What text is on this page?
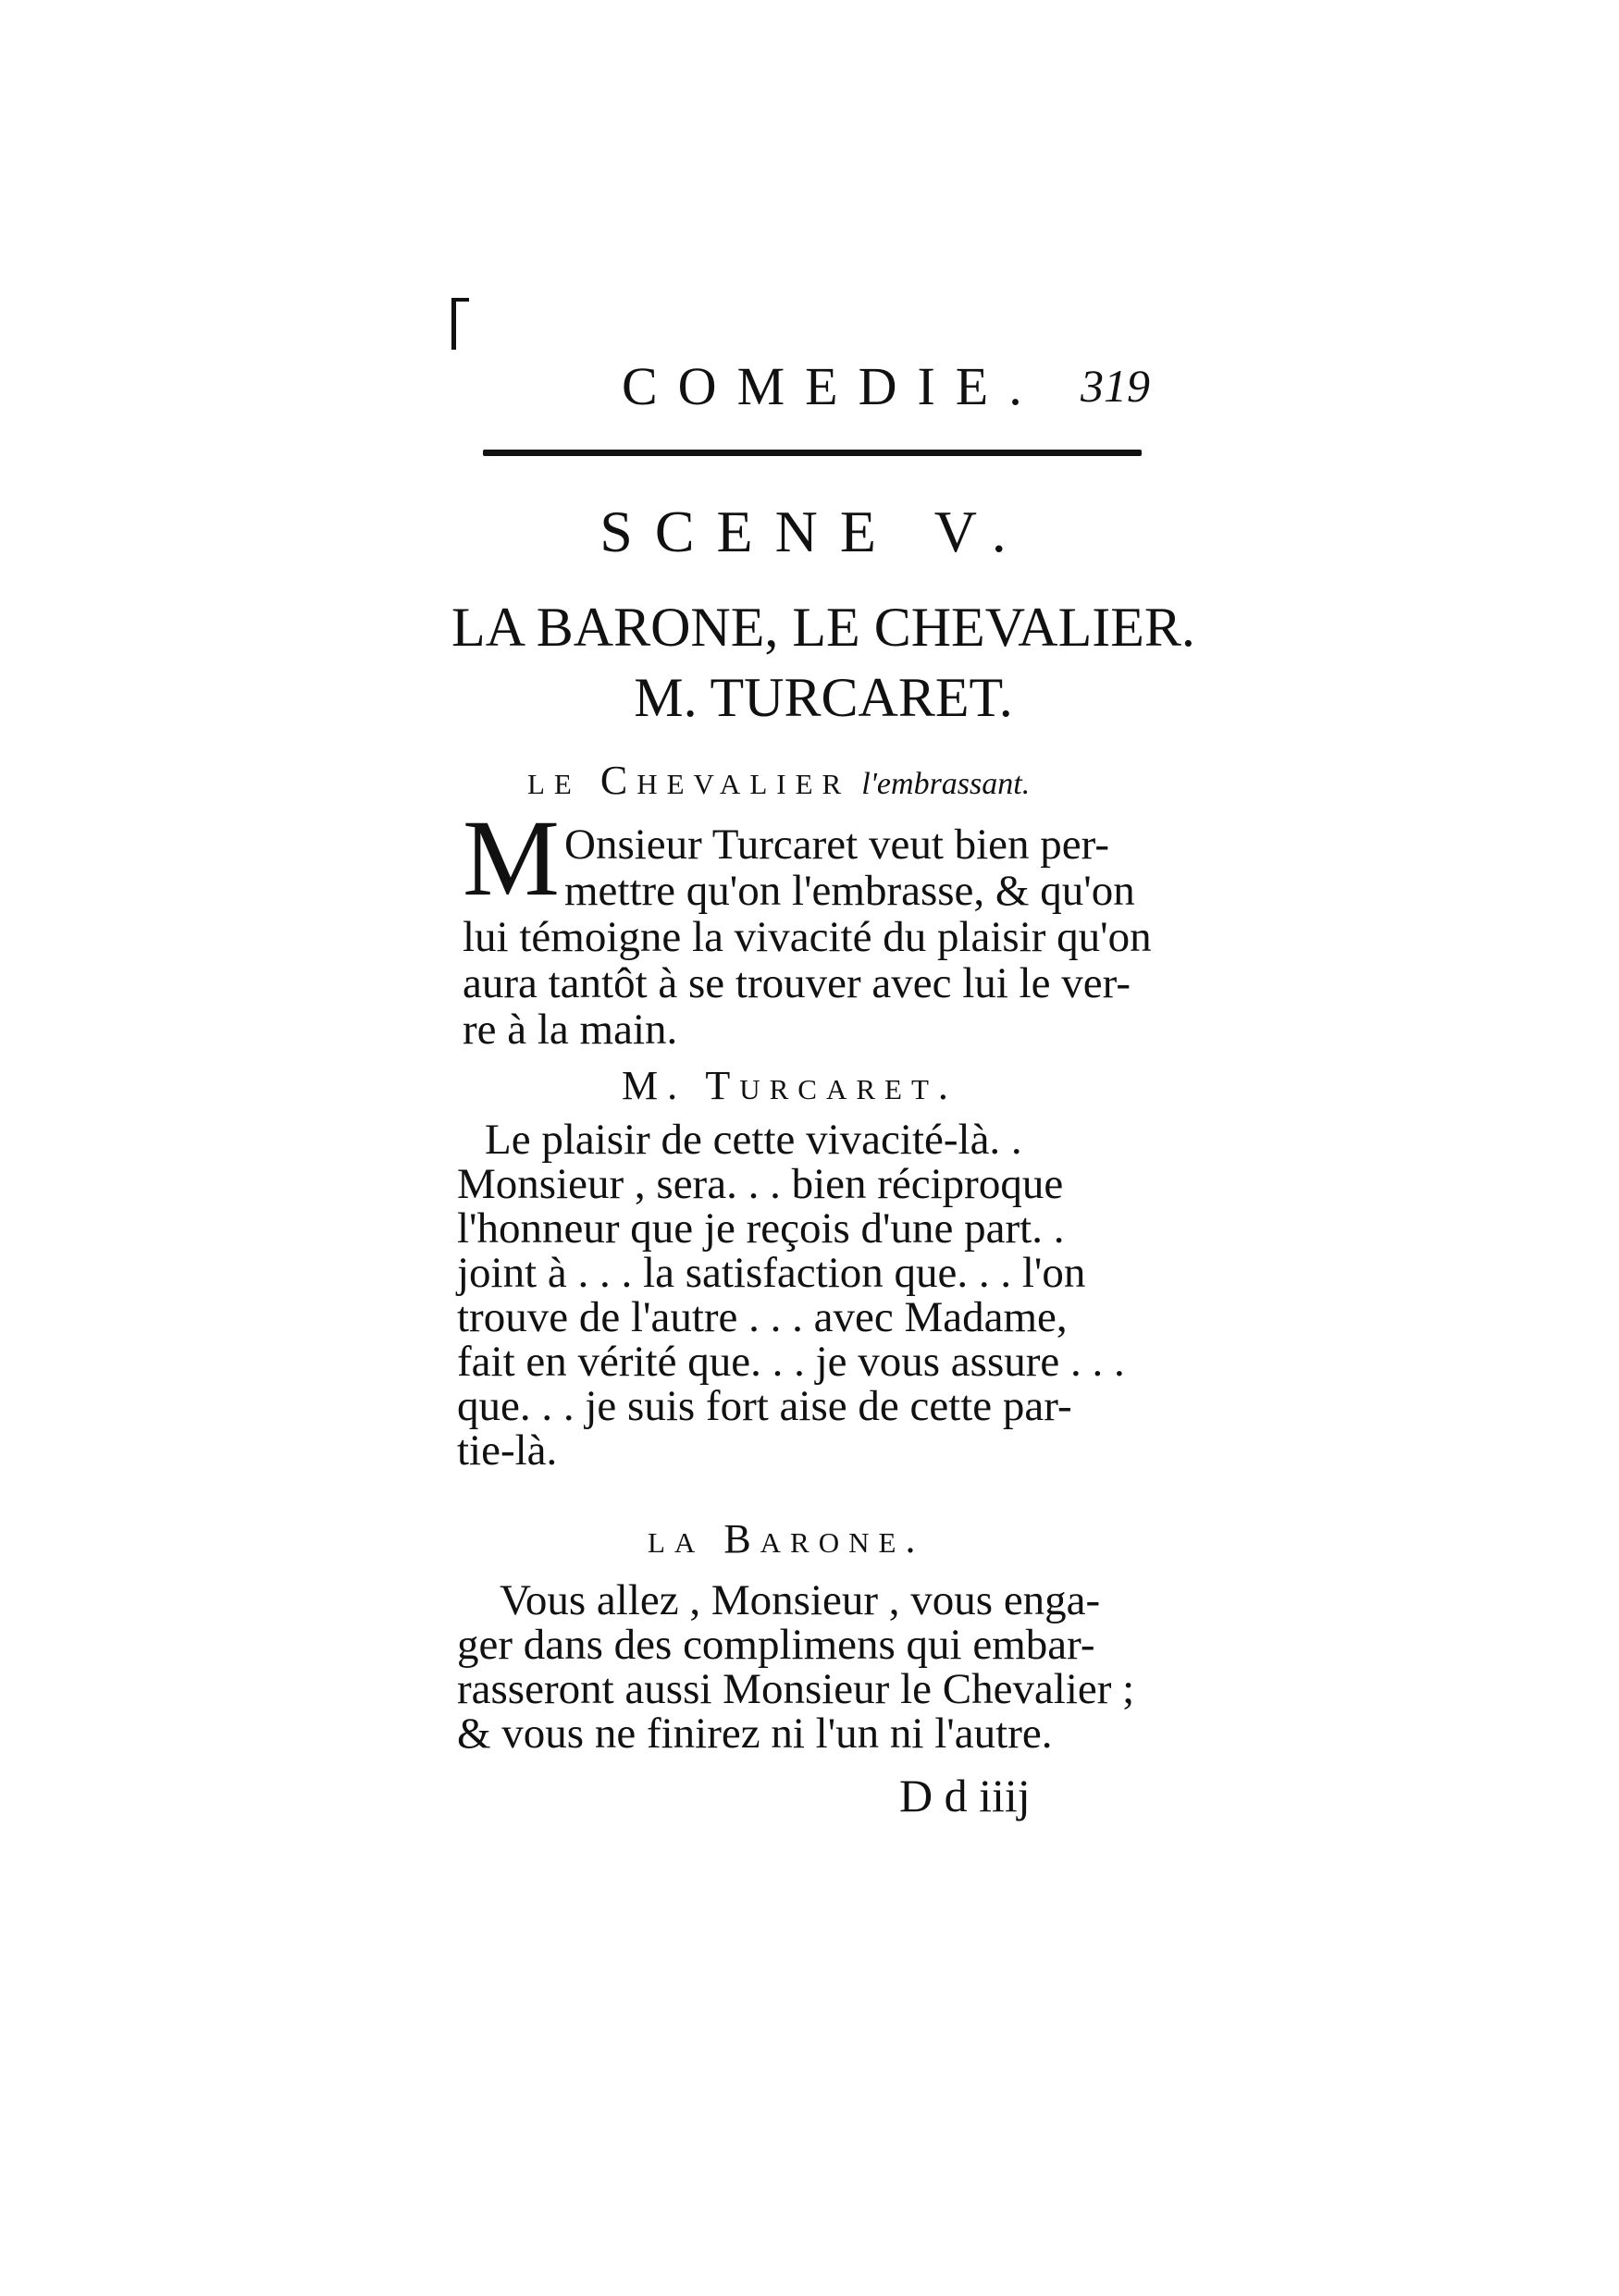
COMEDIE. 319
SCENE V.
LA BARONE, LE CHEVALIER.
M. TURCARET.
le Chevalier l'embrassant.
M Onsieur Turcaret veut bien per-
mettre qu'on l'embrasse, & qu'on
lui témoigne la vivacité du plaisir qu'on
aura tantôt à se trouver avec lui le ver-
re à la main.
M. Turcaret.
Le plaisir de cette vivacité-là. .
Monsieur , sera. . . bien réciproque
l'honneur que je reçois d'une part. .
joint à . . . la satisfaction que. . . l'on
trouve de l'autre . . . avec Madame,
fait en vérité que. . . je vous assure . . .
que. . . je suis fort aise de cette par-
tie-là.
la Barone.
Vous allez , Monsieur , vous enga-
ger dans des complimens qui embar-
rasseront aussi Monsieur le Chevalier ;
& vous ne finirez ni l'un ni l'autre.
D d iiij
